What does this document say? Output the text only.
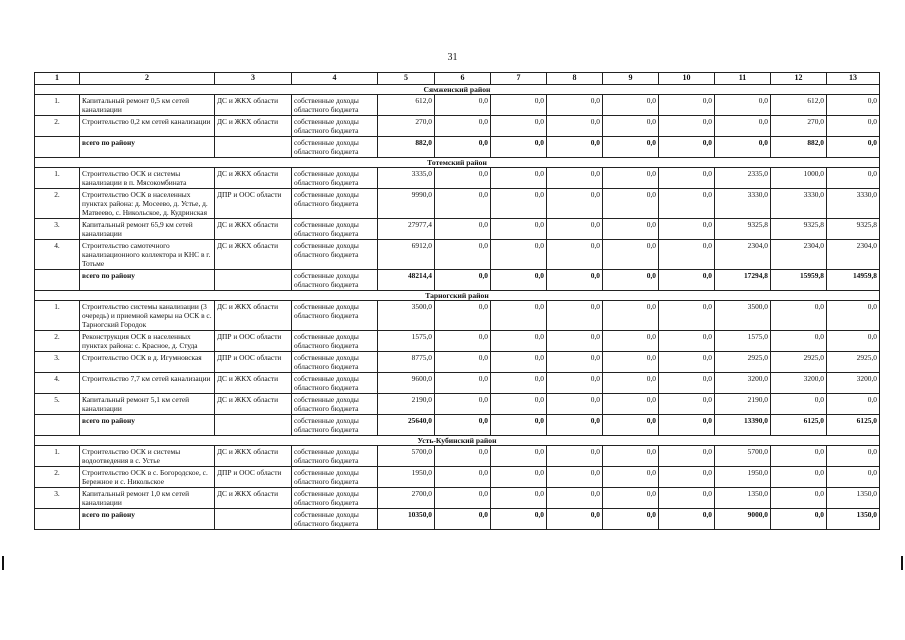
31
1	2	3	4	5	6	7	8	9	10	11	12	13
Сямженский район												
1.	Капитальный ремонт 0,5 км сетей канализации	ДС и ЖКХ области	собственные доходы областного бюджета	612,0	0,0	0,0	0,0	0,0	0,0	0,0	612,0	0,0
2.	Строительство 0,2 км сетей канализации	ДС и ЖКХ области	собственные доходы областного бюджета	270,0	0,0	0,0	0,0	0,0	0,0	0,0	270,0	0,0
	всего по району		собственные доходы областного бюджета	882,0	0,0	0,0	0,0	0,0	0,0	0,0	882,0	0,0
Тотемский район												
1.	Строительство ОСК и системы канализации в п. Мясокомбината	ДС и ЖКХ области	собственные доходы областного бюджета	3335,0	0,0	0,0	0,0	0,0	0,0	2335,0	1000,0	0,0
2.	Строительство ОСК в населенных пунктах района: д. Мосеево, д. Устье, д. Матвеево, с. Никольское, д. Кудринская	ДПР и ООС области	собственные доходы областного бюджета	9990,0	0,0	0,0	0,0	0,0	0,0	3330,0	3330,0	3330,0
3.	Капитальный ремонт 65,9 км сетей канализации	ДС и ЖКХ области	собственные доходы областного бюджета	27977,4	0,0	0,0	0,0	0,0	0,0	9325,8	9325,8	9325,8
4.	Строительство самотечного канализационного коллектора и КНС в г. Тотьме	ДС и ЖКХ области	собственные доходы областного бюджета	6912,0	0,0	0,0	0,0	0,0	0,0	2304,0	2304,0	2304,0
	всего по району		собственные доходы областного бюджета	48214,4	0,0	0,0	0,0	0,0	0,0	17294,8	15959,8	14959,8
Тарногский район												
1.	Строительство системы канализации (3 очередь) и приемной камеры на ОСК в с. Тарногский Городок	ДС и ЖКХ области	собственные доходы областного бюджета	3500,0	0,0	0,0	0,0	0,0	0,0	3500,0	0,0	0,0
2.	Реконструкция ОСК в населенных пунктах района: с. Красное, д. Студа	ДПР и ООС области	собственные доходы областного бюджета	1575,0	0,0	0,0	0,0	0,0	0,0	1575,0	0,0	0,0
3.	Строительство ОСК в д. Игумновская	ДПР и ООС области	собственные доходы областного бюджета	8775,0	0,0	0,0	0,0	0,0	0,0	2925,0	2925,0	2925,0
4.	Строительство 7,7 км сетей канализации	ДС и ЖКХ области	собственные доходы областного бюджета	9600,0	0,0	0,0	0,0	0,0	0,0	3200,0	3200,0	3200,0
5.	Капитальный ремонт 5,1 км сетей канализации	ДС и ЖКХ области	собственные доходы областного бюджета	2190,0	0,0	0,0	0,0	0,0	0,0	2190,0	0,0	0,0
	всего по району		собственные доходы областного бюджета	25640,0	0,0	0,0	0,0	0,0	0,0	13390,0	6125,0	6125,0
Усть-Кубинский район												
1.	Строительство ОСК и системы водоотведения в с. Устье	ДС и ЖКХ области	собственные доходы областного бюджета	5700,0	0,0	0,0	0,0	0,0	0,0	5700,0	0,0	0,0
2.	Строительство ОСК в с. Богородское, с. Бережное и с. Никольское	ДПР и ООС области	собственные доходы областного бюджета	1950,0	0,0	0,0	0,0	0,0	0,0	1950,0	0,0	0,0
3.	Капитальный ремонт 1,0 км сетей канализации	ДС и ЖКХ области	собственные доходы областного бюджета	2700,0	0,0	0,0	0,0	0,0	0,0	1350,0	0,0	1350,0
	всего по району		собственные доходы областного бюджета	10350,0	0,0	0,0	0,0	0,0	0,0	9000,0	0,0	1350,0
